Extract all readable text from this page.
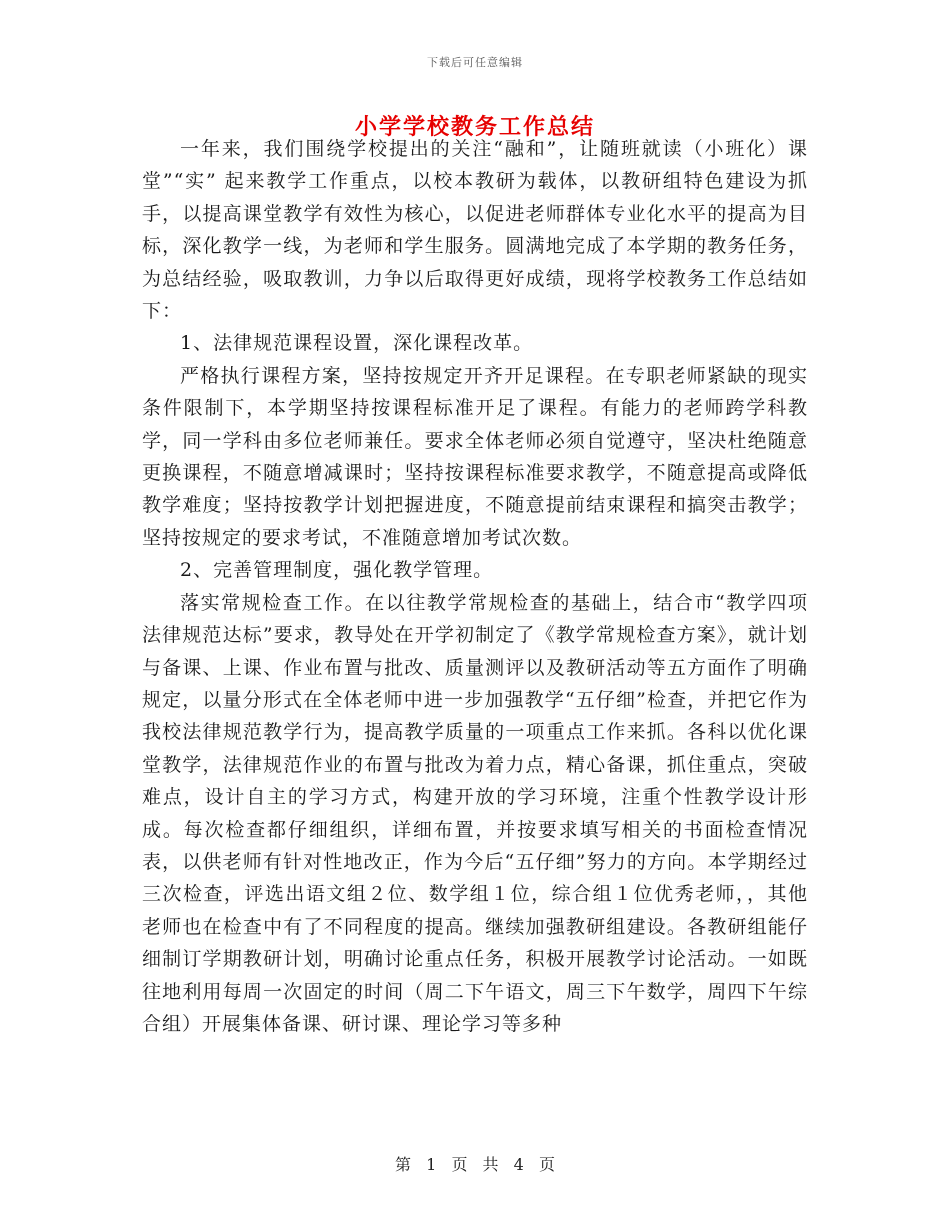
下载后可任意编辑
小学学校教务工作总结

一年来，我们围绕学校提出的关注“融和”，让随班就读（小班化）课堂”“实” 起来教学工作重点，以校本教研为载体，以教研组特色建设为抓手，以提高课堂教学有效性为核心，以促进老师群体专业化水平的提高为目标，深化教学一线，为老师和学生服务。圆满地完成了本学期的教务任务，为总结经验，吸取教训，力争以后取得更好成绩，现将学校教务工作总结如下：

1、法律规范课程设置，深化课程改革。

严格执行课程方案，坚持按规定开齐开足课程。在专职老师紧缺的现实条件限制下，本学期坚持按课程标准开足了课程。有能力的老师跨学科教学，同一学科由多位老师兼任。要求全体老师必须自觉遵守，坚决杜绝随意更换课程，不随意增减课时；坚持按课程标准要求教学，不随意提高或降低教学难度；坚持按教学计划把握进度，不随意提前结束课程和搞突击教学；坚持按规定的要求考试，不准随意增加考试次数。

2、完善管理制度，强化教学管理。

落实常规检查工作。在以往教学常规检查的基础上，结合市“教学四项法律规范达标”要求，教导处在开学初制定了《教学常规检查方案》，就计划与备课、上课、作业布置与批改、质量测评以及教研活动等五方面作了明确规定，以量分形式在全体老师中进一步加强教学“五仔细”检查，并把它作为我校法律规范教学行为，提高教学质量的一项重点工作来抓。各科以优化课堂教学，法律规范作业的布置与批改为着力点，精心备课，抓住重点，突破难点，设计自主的学习方式，构建开放的学习环境，注重个性教学设计形成。每次检查都仔细组织，详细布置，并按要求填写相关的书面检查情况表，以供老师有针对性地改正，作为今后“五仔细”努力的方向。本学期经过三次检查，评选出语文组２位、数学组１位，综合组１位优秀老师，，其他老师也在检查中有了不同程度的提高。继续加强教研组建设。各教研组能仔细制订学期教研计划，明确讨论重点任务，积极开展教学讨论活动。一如既往地利用每周一次固定的时间（周二下午语文，周三下午数学，周四下午综合组）开展集体备课、研讨课、理论学习等多种

第 1 页 共 4 页
